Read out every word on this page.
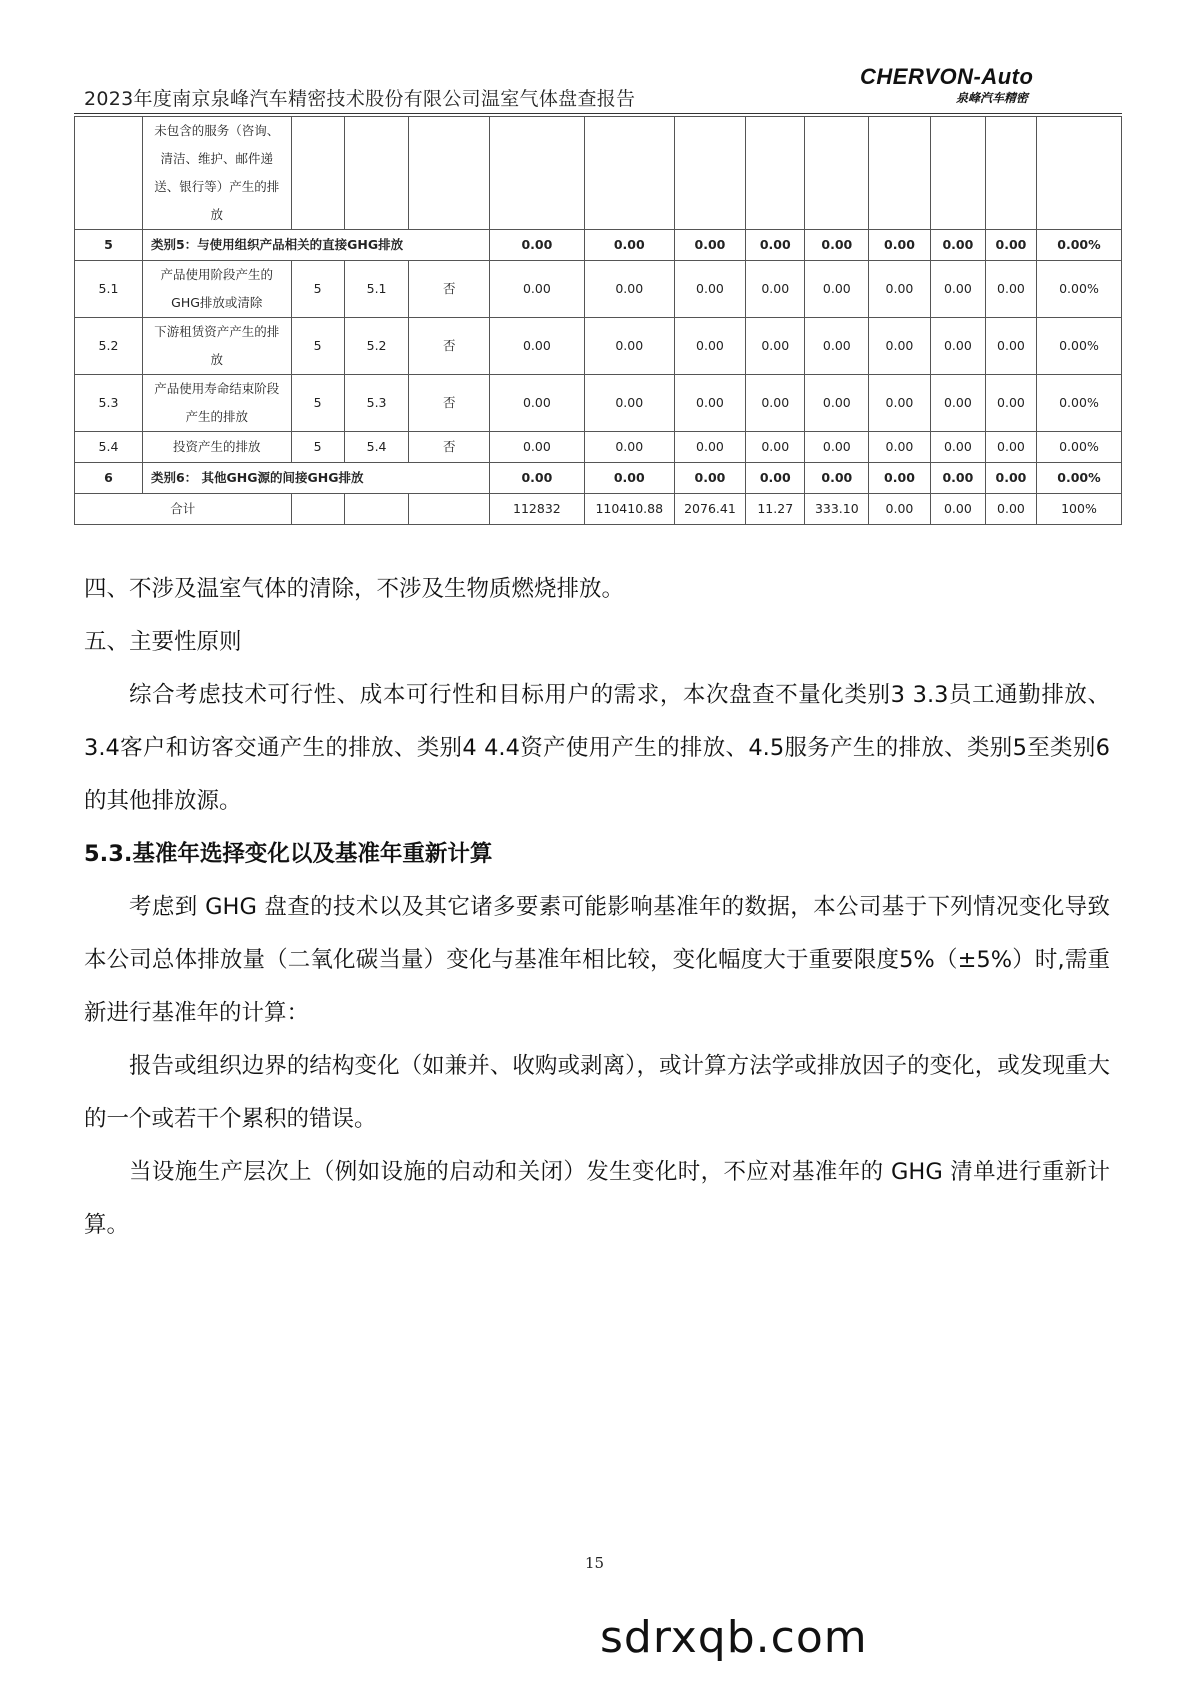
2023年度南京泉峰汽车精密技术股份有限公司温室气体盘查报告
CHERVON-Auto
泉峰汽车精密
	未包含的服务（咨询、清洁、维护、邮件递送、银行等）产生的排放												
5	类别5：与使用组织产品相关的直接GHG排放				0.00	0.00	0.00	0.00	0.00	0.00	0.00	0.00	0.00%
5.1	产品使用阶段产生的GHG排放或清除	5	5.1	否	0.00	0.00	0.00	0.00	0.00	0.00	0.00	0.00	0.00%
5.2	下游租赁资产产生的排放	5	5.2	否	0.00	0.00	0.00	0.00	0.00	0.00	0.00	0.00	0.00%
5.3	产品使用寿命结束阶段产生的排放	5	5.3	否	0.00	0.00	0.00	0.00	0.00	0.00	0.00	0.00	0.00%
5.4	投资产生的排放	5	5.4	否	0.00	0.00	0.00	0.00	0.00	0.00	0.00	0.00	0.00%
6	类别6： 其他GHG源的间接GHG排放				0.00	0.00	0.00	0.00	0.00	0.00	0.00	0.00	0.00%
合计					112832	110410.88	2076.41	11.27	333.10	0.00	0.00	0.00	100%

四、不涉及温室气体的清除，不涉及生物质燃烧排放。

五、主要性原则

综合考虑技术可行性、成本可行性和目标用户的需求，本次盘查不量化类别3 3.3员工通勤排放、3.4客户和访客交通产生的排放、类别4 4.4资产使用产生的排放、4.5服务产生的排放、类别5至类别6的其他排放源。

5.3.基准年选择变化以及基准年重新计算

考虑到 GHG 盘查的技术以及其它诸多要素可能影响基准年的数据，本公司基于下列情况变化导致本公司总体排放量（二氧化碳当量）变化与基准年相比较，变化幅度大于重要限度5%（±5%）时,需重新进行基准年的计算：

报告或组织边界的结构变化（如兼并、收购或剥离），或计算方法学或排放因子的变化，或发现重大的一个或若干个累积的错误。

当设施生产层次上（例如设施的启动和关闭）发生变化时，不应对基准年的 GHG 清单进行重新计算。

15
sdrxqb.com
